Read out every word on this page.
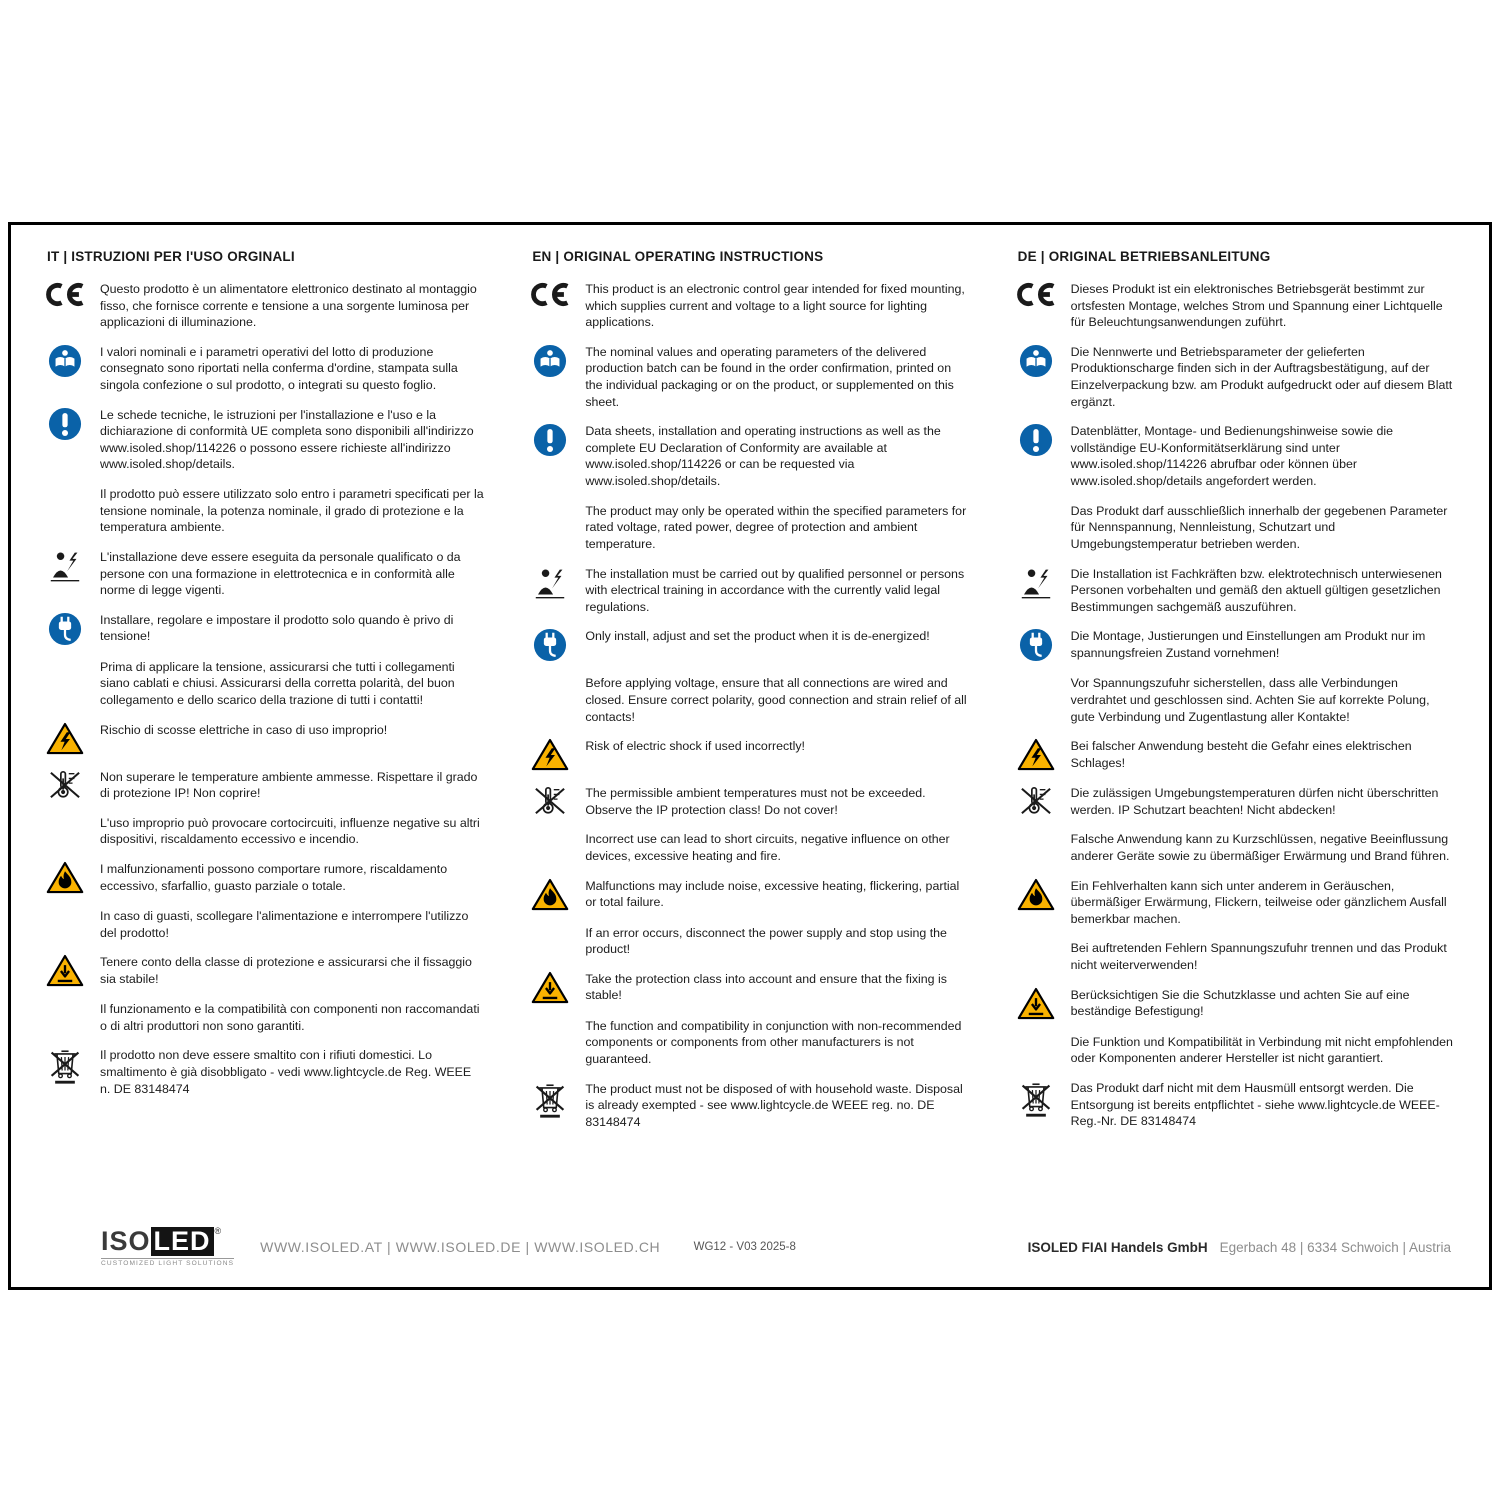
IT | ISTRUZIONI PER l'USO ORGINALI
Questo prodotto è un alimentatore elettronico destinato al montaggio fisso, che fornisce corrente e tensione a una sorgente luminosa per applicazioni di illuminazione.
I valori nominali e i parametri operativi del lotto di produzione consegnato sono riportati nella conferma d'ordine, stampata sulla singola confezione o sul prodotto, o integrati su questo foglio.
Le schede tecniche, le istruzioni per l'installazione e l'uso e la dichiarazione di conformità UE completa sono disponibili all'indirizzo www.isoled.shop/114226 o possono essere richieste all'indirizzo www.isoled.shop/details.
Il prodotto può essere utilizzato solo entro i parametri specificati per la tensione nominale, la potenza nominale, il grado di protezione e la temperatura ambiente.
L'installazione deve essere eseguita da personale qualificato o da persone con una formazione in elettrotecnica e in conformità alle norme di legge vigenti.
Installare, regolare e impostare il prodotto solo quando è privo di tensione!
Prima di applicare la tensione, assicurarsi che tutti i collegamenti siano cablati e chiusi. Assicurarsi della corretta polarità, del buon collegamento e dello scarico della trazione di tutti i contatti!
Rischio di scosse elettriche in caso di uso improprio!
Non superare le temperature ambiente ammesse. Rispettare il grado di protezione IP! Non coprire!
L'uso improprio può provocare cortocircuiti, influenze negative su altri dispositivi, riscaldamento eccessivo e incendio.
I malfunzionamenti possono comportare rumore, riscaldamento eccessivo, sfarfallio, guasto parziale o totale.
In caso di guasti, scollegare l'alimentazione e interrompere l'utilizzo del prodotto!
Tenere conto della classe di protezione e assicurarsi che il fissaggio sia stabile!
Il funzionamento e la compatibilità con componenti non raccomandati o di altri produttori non sono garantiti.
Il prodotto non deve essere smaltito con i rifiuti domestici. Lo smaltimento è già disobbligato - vedi www.lightcycle.de Reg. WEEE n. DE 83148474
EN | ORIGINAL OPERATING INSTRUCTIONS
This product is an electronic control gear intended for fixed mounting, which supplies current and voltage to a light source for lighting applications.
The nominal values and operating parameters of the delivered production batch can be found in the order confirmation, printed on the individual packaging or on the product, or supplemented on this sheet.
Data sheets, installation and operating instructions as well as the complete EU Declaration of Conformity are available at www.isoled.shop/114226 or can be requested via www.isoled.shop/details.
The product may only be operated within the specified parameters for rated voltage, rated power, degree of protection and ambient temperature.
The installation must be carried out by qualified personnel or persons with electrical training in accordance with the currently valid legal regulations.
Only install, adjust and set the product when it is de-energized!
Before applying voltage, ensure that all connections are wired and closed. Ensure correct polarity, good connection and strain relief of all contacts!
Risk of electric shock if used incorrectly!
The permissible ambient temperatures must not be exceeded. Observe the IP protection class! Do not cover!
Incorrect use can lead to short circuits, negative influence on other devices, excessive heating and fire.
Malfunctions may include noise, excessive heating, flickering, partial or total failure.
If an error occurs, disconnect the power supply and stop using the product!
Take the protection class into account and ensure that the fixing is stable!
The function and compatibility in conjunction with non-recommended components or components from other manufacturers is not guaranteed.
The product must not be disposed of with household waste. Disposal is already exempted - see www.lightcycle.de WEEE reg. no. DE 83148474
DE | ORIGINAL BETRIEBSANLEITUNG
Dieses Produkt ist ein elektronisches Betriebsgerät bestimmt zur ortsfesten Montage, welches Strom und Spannung einer Lichtquelle für Beleuchtungsanwendungen zuführt.
Die Nennwerte und Betriebsparameter der gelieferten Produktionscharge finden sich in der Auftragsbestätigung, auf der Einzelverpackung bzw. am Produkt aufgedruckt oder auf diesem Blatt ergänzt.
Datenblätter, Montage- und Bedienungshinweise sowie die vollständige EU-Konformitätserklärung sind unter www.isoled.shop/114226 abrufbar oder können über www.isoled.shop/details angefordert werden.
Das Produkt darf ausschließlich innerhalb der gegebenen Parameter für Nennspannung, Nennleistung, Schutzart und Umgebungstemperatur betrieben werden.
Die Installation ist Fachkräften bzw. elektrotechnisch unterwiesenen Personen vorbehalten und gemäß den aktuell gültigen gesetzlichen Bestimmungen sachgemäß auszuführen.
Die Montage, Justierungen und Einstellungen am Produkt nur im spannungsfreien Zustand vornehmen!
Vor Spannungszufuhr sicherstellen, dass alle Verbindungen verdrahtet und geschlossen sind. Achten Sie auf korrekte Polung, gute Verbindung und Zugentlastung aller Kontakte!
Bei falscher Anwendung besteht die Gefahr eines elektrischen Schlages!
Die zulässigen Umgebungstemperaturen dürfen nicht überschritten werden. IP Schutzart beachten! Nicht abdecken!
Falsche Anwendung kann zu Kurzschlüssen, negative Beeinflussung anderer Geräte sowie zu übermäßiger Erwärmung und Brand führen.
Ein Fehlverhalten kann sich unter anderem in Geräuschen, übermäßiger Erwärmung, Flickern, teilweise oder gänzlichem Ausfall bemerkbar machen.
Bei auftretenden Fehlern Spannungszufuhr trennen und das Produkt nicht weiterverwenden!
Berücksichtigen Sie die Schutzklasse und achten Sie auf eine beständige Befestigung!
Die Funktion und Kompatibilität in Verbindung mit nicht empfohlenden oder Komponenten anderer Hersteller ist nicht garantiert.
Das Produkt darf nicht mit dem Hausmüll entsorgt werden. Die Entsorgung ist bereits entpflichtet - siehe www.lightcycle.de WEEE-Reg.-Nr. DE 83148474
ISO LED ®
CUSTOMIZED LIGHT SOLUTIONS
WWW.ISOLED.AT | WWW.ISOLED.DE | WWW.ISOLED.CH	WG12 - V03 2025-8	ISOLED FIAI Handels GmbH Egerbach 48 | 6334 Schwoich | Austria
